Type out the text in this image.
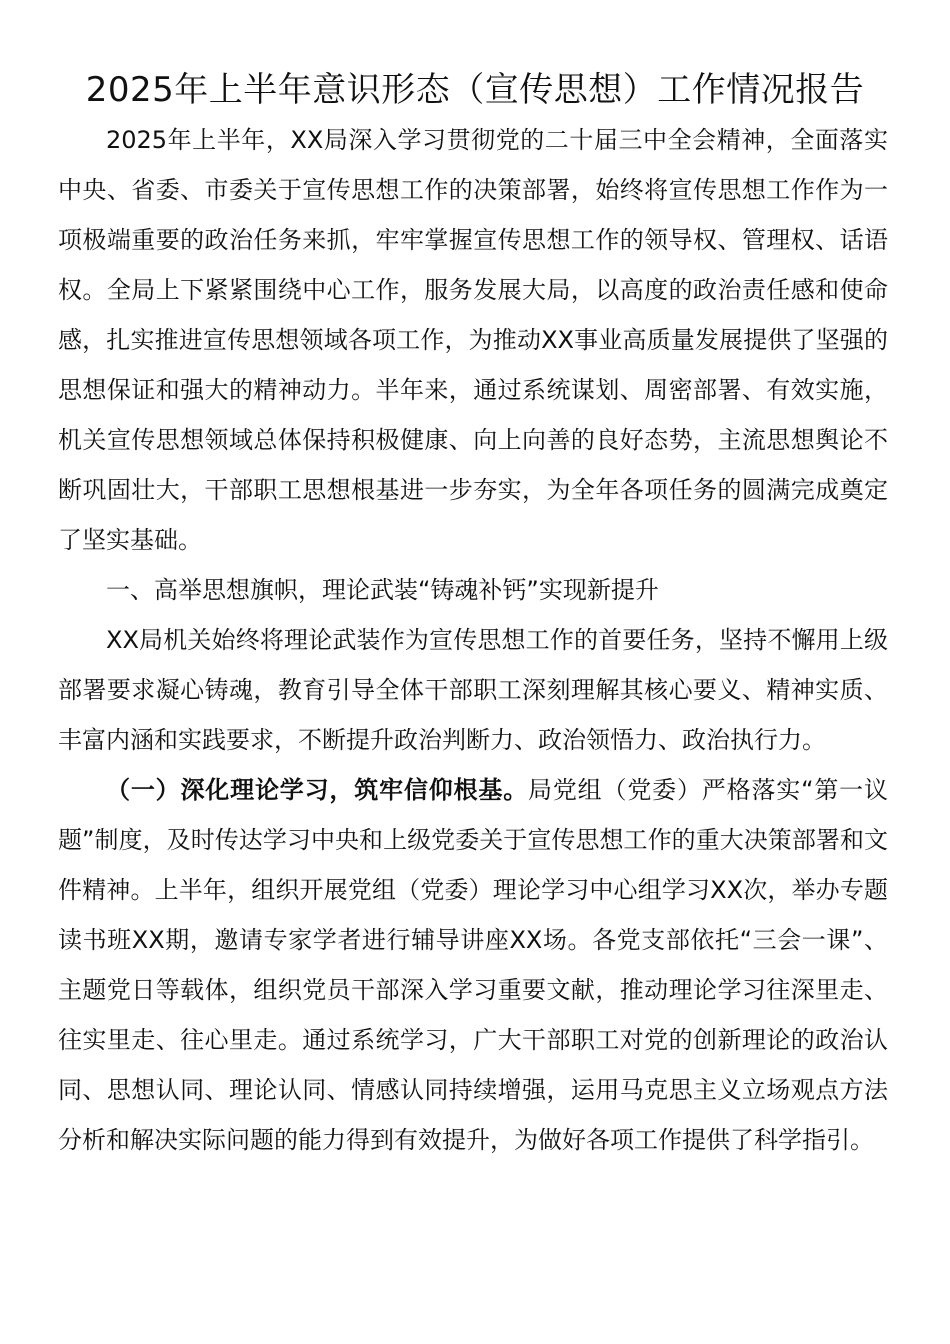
2025年上半年意识形态（宣传思想）工作情况报告

2025年上半年，XX局深入学习贯彻党的二十届三中全会精神，全面落实中央、省委、市委关于宣传思想工作的决策部署，始终将宣传思想工作作为一项极端重要的政治任务来抓，牢牢掌握宣传思想工作的领导权、管理权、话语权。全局上下紧紧围绕中心工作，服务发展大局，以高度的政治责任感和使命感，扎实推进宣传思想领域各项工作，为推动XX事业高质量发展提供了坚强的思想保证和强大的精神动力。半年来，通过系统谋划、周密部署、有效实施，机关宣传思想领域总体保持积极健康、向上向善的良好态势，主流思想舆论不断巩固壮大，干部职工思想根基进一步夯实，为全年各项任务的圆满完成奠定了坚实基础。

一、高举思想旗帜，理论武装“铸魂补钙”实现新提升

XX局机关始终将理论武装作为宣传思想工作的首要任务，坚持不懈用上级部署要求凝心铸魂，教育引导全体干部职工深刻理解其核心要义、精神实质、丰富内涵和实践要求，不断提升政治判断力、政治领悟力、政治执行力。

（一）深化理论学习，筑牢信仰根基。局党组（党委）严格落实“第一议题”制度，及时传达学习中央和上级党委关于宣传思想工作的重大决策部署和文件精神。上半年，组织开展党组（党委）理论学习中心组学习XX次，举办专题读书班XX期，邀请专家学者进行辅导讲座XX场。各党支部依托“三会一课”、主题党日等载体，组织党员干部深入学习重要文献，推动理论学习往深里走、往实里走、往心里走。通过系统学习，广大干部职工对党的创新理论的政治认同、思想认同、理论认同、情感认同持续增强，运用马克思主义立场观点方法分析和解决实际问题的能力得到有效提升，为做好各项工作提供了科学指引。
